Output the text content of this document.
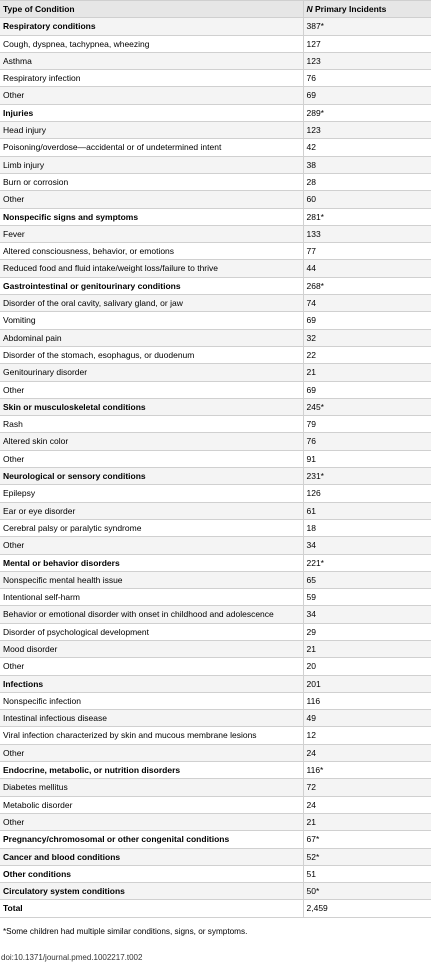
Type of Condition	N Primary Incidents
Respiratory conditions	387*
Cough, dyspnea, tachypnea, wheezing	127
Asthma	123
Respiratory infection	76
Other	69
Injuries	289*
Head injury	123
Poisoning/overdose—accidental or of undetermined intent	42
Limb injury	38
Burn or corrosion	28
Other	60
Nonspecific signs and symptoms	281*
Fever	133
Altered consciousness, behavior, or emotions	77
Reduced food and fluid intake/weight loss/failure to thrive	44
Gastrointestinal or genitourinary conditions	268*
Disorder of the oral cavity, salivary gland, or jaw	74
Vomiting	69
Abdominal pain	32
Disorder of the stomach, esophagus, or duodenum	22
Genitourinary disorder	21
Other	69
Skin or musculoskeletal conditions	245*
Rash	79
Altered skin color	76
Other	91
Neurological or sensory conditions	231*
Epilepsy	126
Ear or eye disorder	61
Cerebral palsy or paralytic syndrome	18
Other	34
Mental or behavior disorders	221*
Nonspecific mental health issue	65
Intentional self-harm	59
Behavior or emotional disorder with onset in childhood and adolescence	34
Disorder of psychological development	29
Mood disorder	21
Other	20
Infections	201
Nonspecific infection	116
Intestinal infectious disease	49
Viral infection characterized by skin and mucous membrane lesions	12
Other	24
Endocrine, metabolic, or nutrition disorders	116*
Diabetes mellitus	72
Metabolic disorder	24
Other	21
Pregnancy/chromosomal or other congenital conditions	67*
Cancer and blood conditions	52*
Other conditions	51
Circulatory system conditions	50*
Total	2,459
*Some children had multiple similar conditions, signs, or symptoms.
doi:10.1371/journal.pmed.1002217.t002
